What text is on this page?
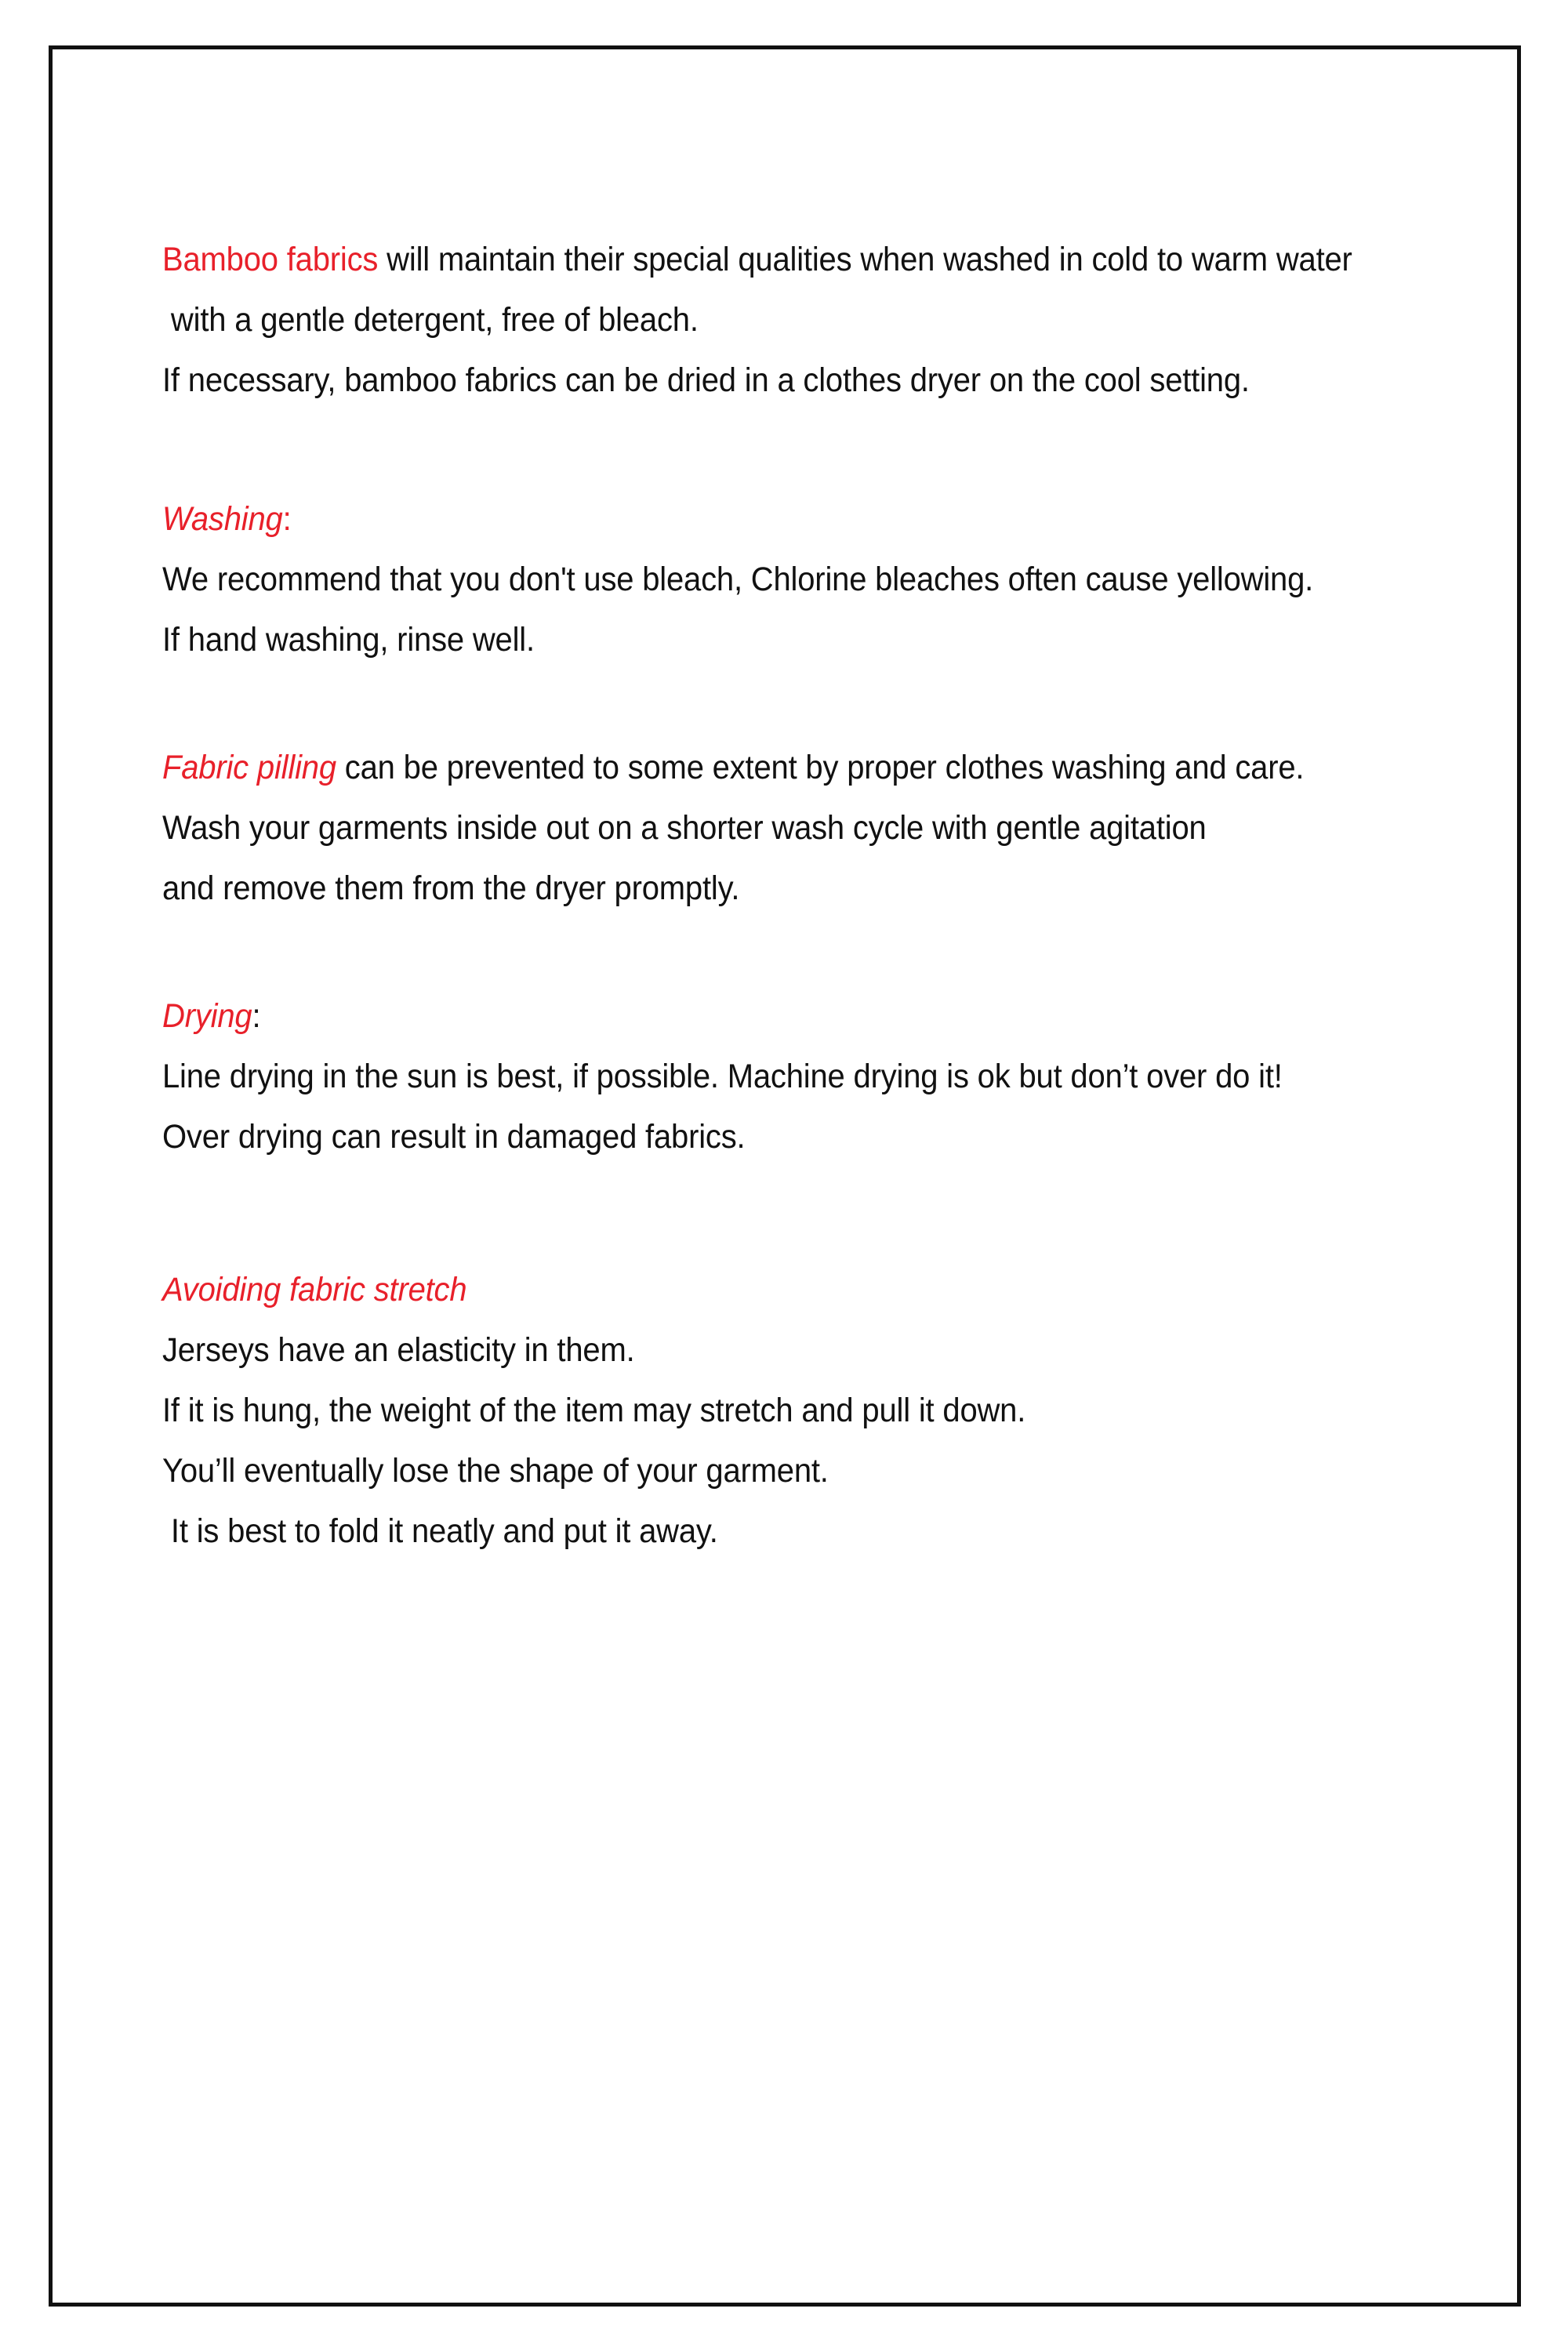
Bamboo fabrics will maintain their special qualities when washed in cold to warm water
with a gentle detergent, free of bleach.
If necessary, bamboo fabrics can be dried in a clothes dryer on the cool setting.
Washing:
We recommend that you don't use bleach, Chlorine bleaches often cause yellowing.
If hand washing, rinse well.
Fabric pilling can be prevented to some extent by proper clothes washing and care.
Wash your garments inside out on a shorter wash cycle with gentle agitation
and remove them from the dryer promptly.
Drying:
Line drying in the sun is best, if possible. Machine drying is ok but don’t over do it!
Over drying can result in damaged fabrics.
Avoiding fabric stretch
Jerseys have an elasticity in them.
If it is hung, the weight of the item may stretch and pull it down.
You’ll eventually lose the shape of your garment.
It is best to fold it neatly and put it away.
